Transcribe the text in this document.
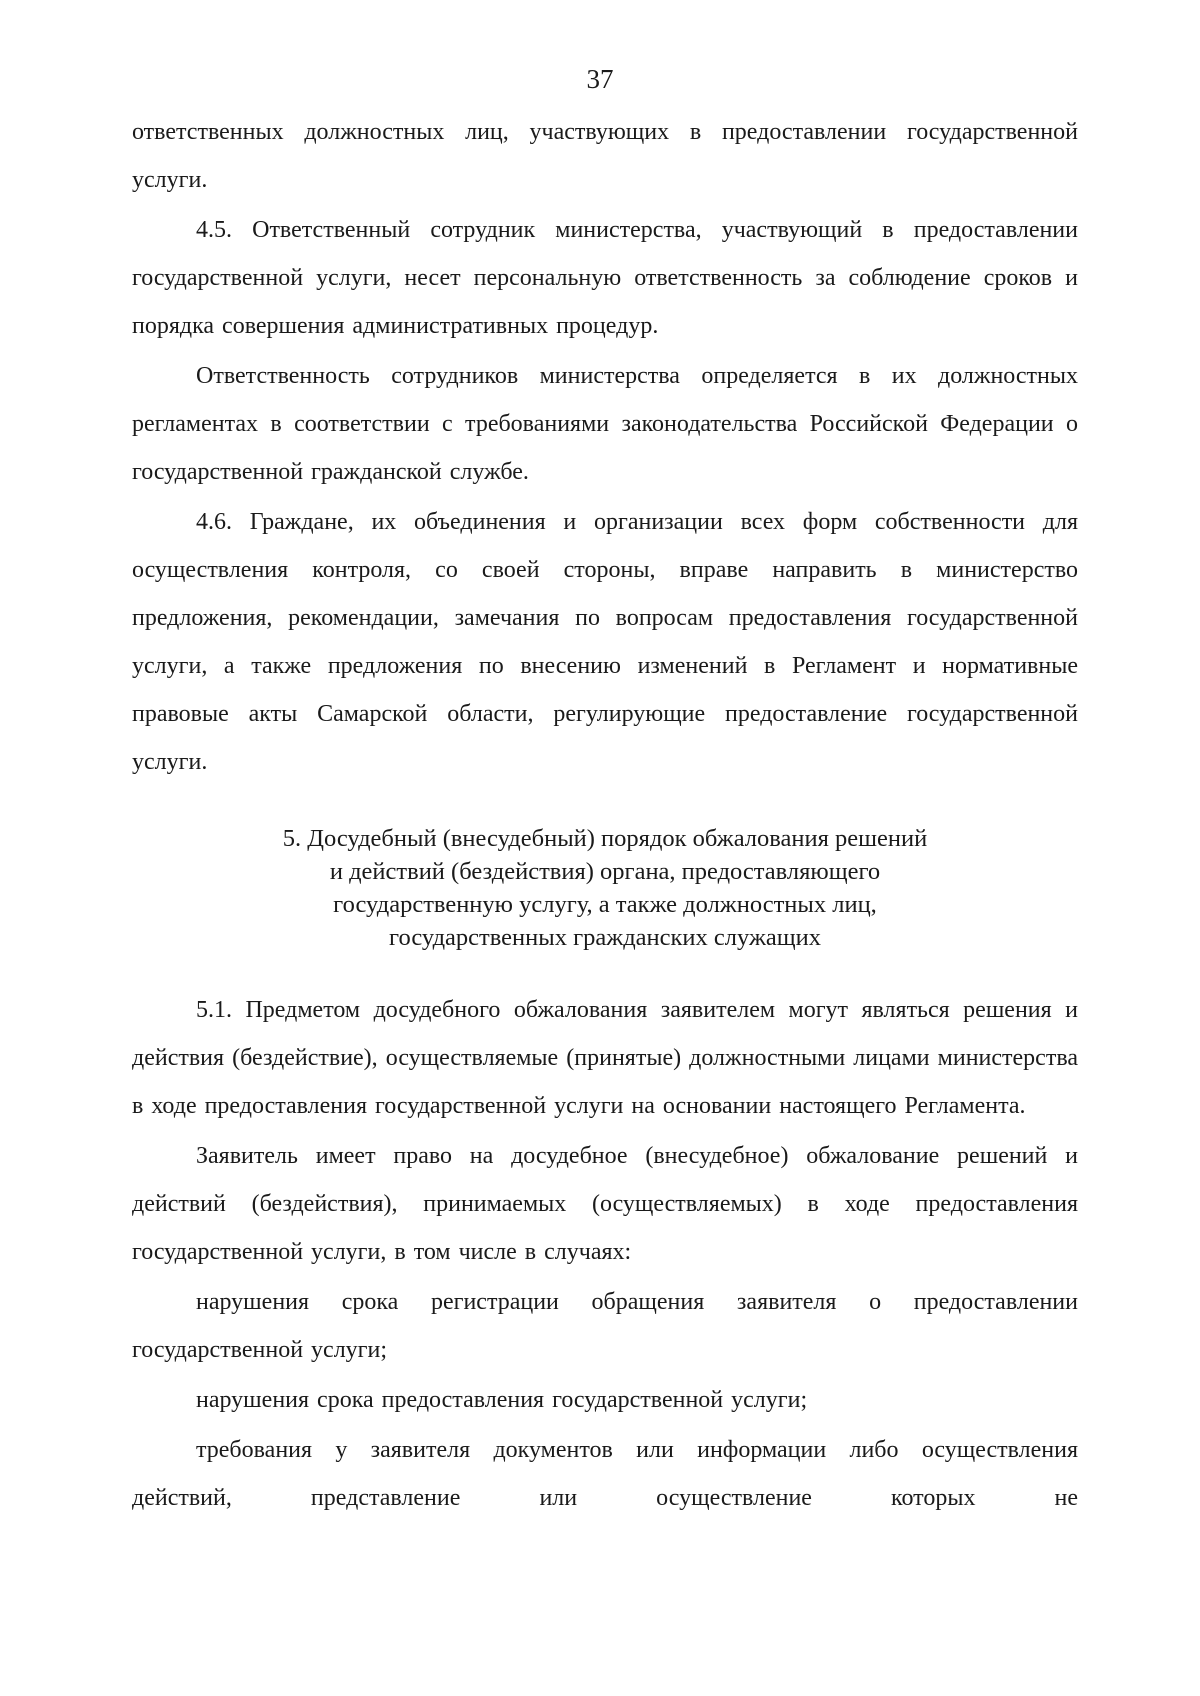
37

ответственных должностных лиц, участвующих в предоставлении государственной услуги.

4.5. Ответственный сотрудник министерства, участвующий в предоставлении государственной услуги, несет персональную ответственность за соблюдение сроков и порядка совершения административных процедур.

Ответственность сотрудников министерства определяется в их должностных регламентах в соответствии с требованиями законодательства Российской Федерации о государственной гражданской службе.

4.6. Граждане, их объединения и организации всех форм собственности для осуществления контроля, со своей стороны, вправе направить в министерство предложения, рекомендации, замечания по вопросам предоставления государственной услуги, а также предложения по внесению изменений в Регламент и нормативные правовые акты Самарской области, регулирующие предоставление государственной услуги.

5. Досудебный (внесудебный) порядок обжалования решений
и действий (бездействия) органа, предоставляющего
государственную услугу, а также должностных лиц,
государственных гражданских служащих

5.1. Предметом досудебного обжалования заявителем могут являться решения и действия (бездействие), осуществляемые (принятые) должностными лицами министерства в ходе предоставления государственной услуги на основании настоящего Регламента.

Заявитель имеет право на досудебное (внесудебное) обжалование решений и действий (бездействия), принимаемых (осуществляемых) в ходе предоставления государственной услуги, в том числе в случаях:

нарушения срока регистрации обращения заявителя о предоставлении государственной услуги;

нарушения срока предоставления государственной услуги;

требования у заявителя документов или информации либо осуществления действий, представление или осуществление которых не
